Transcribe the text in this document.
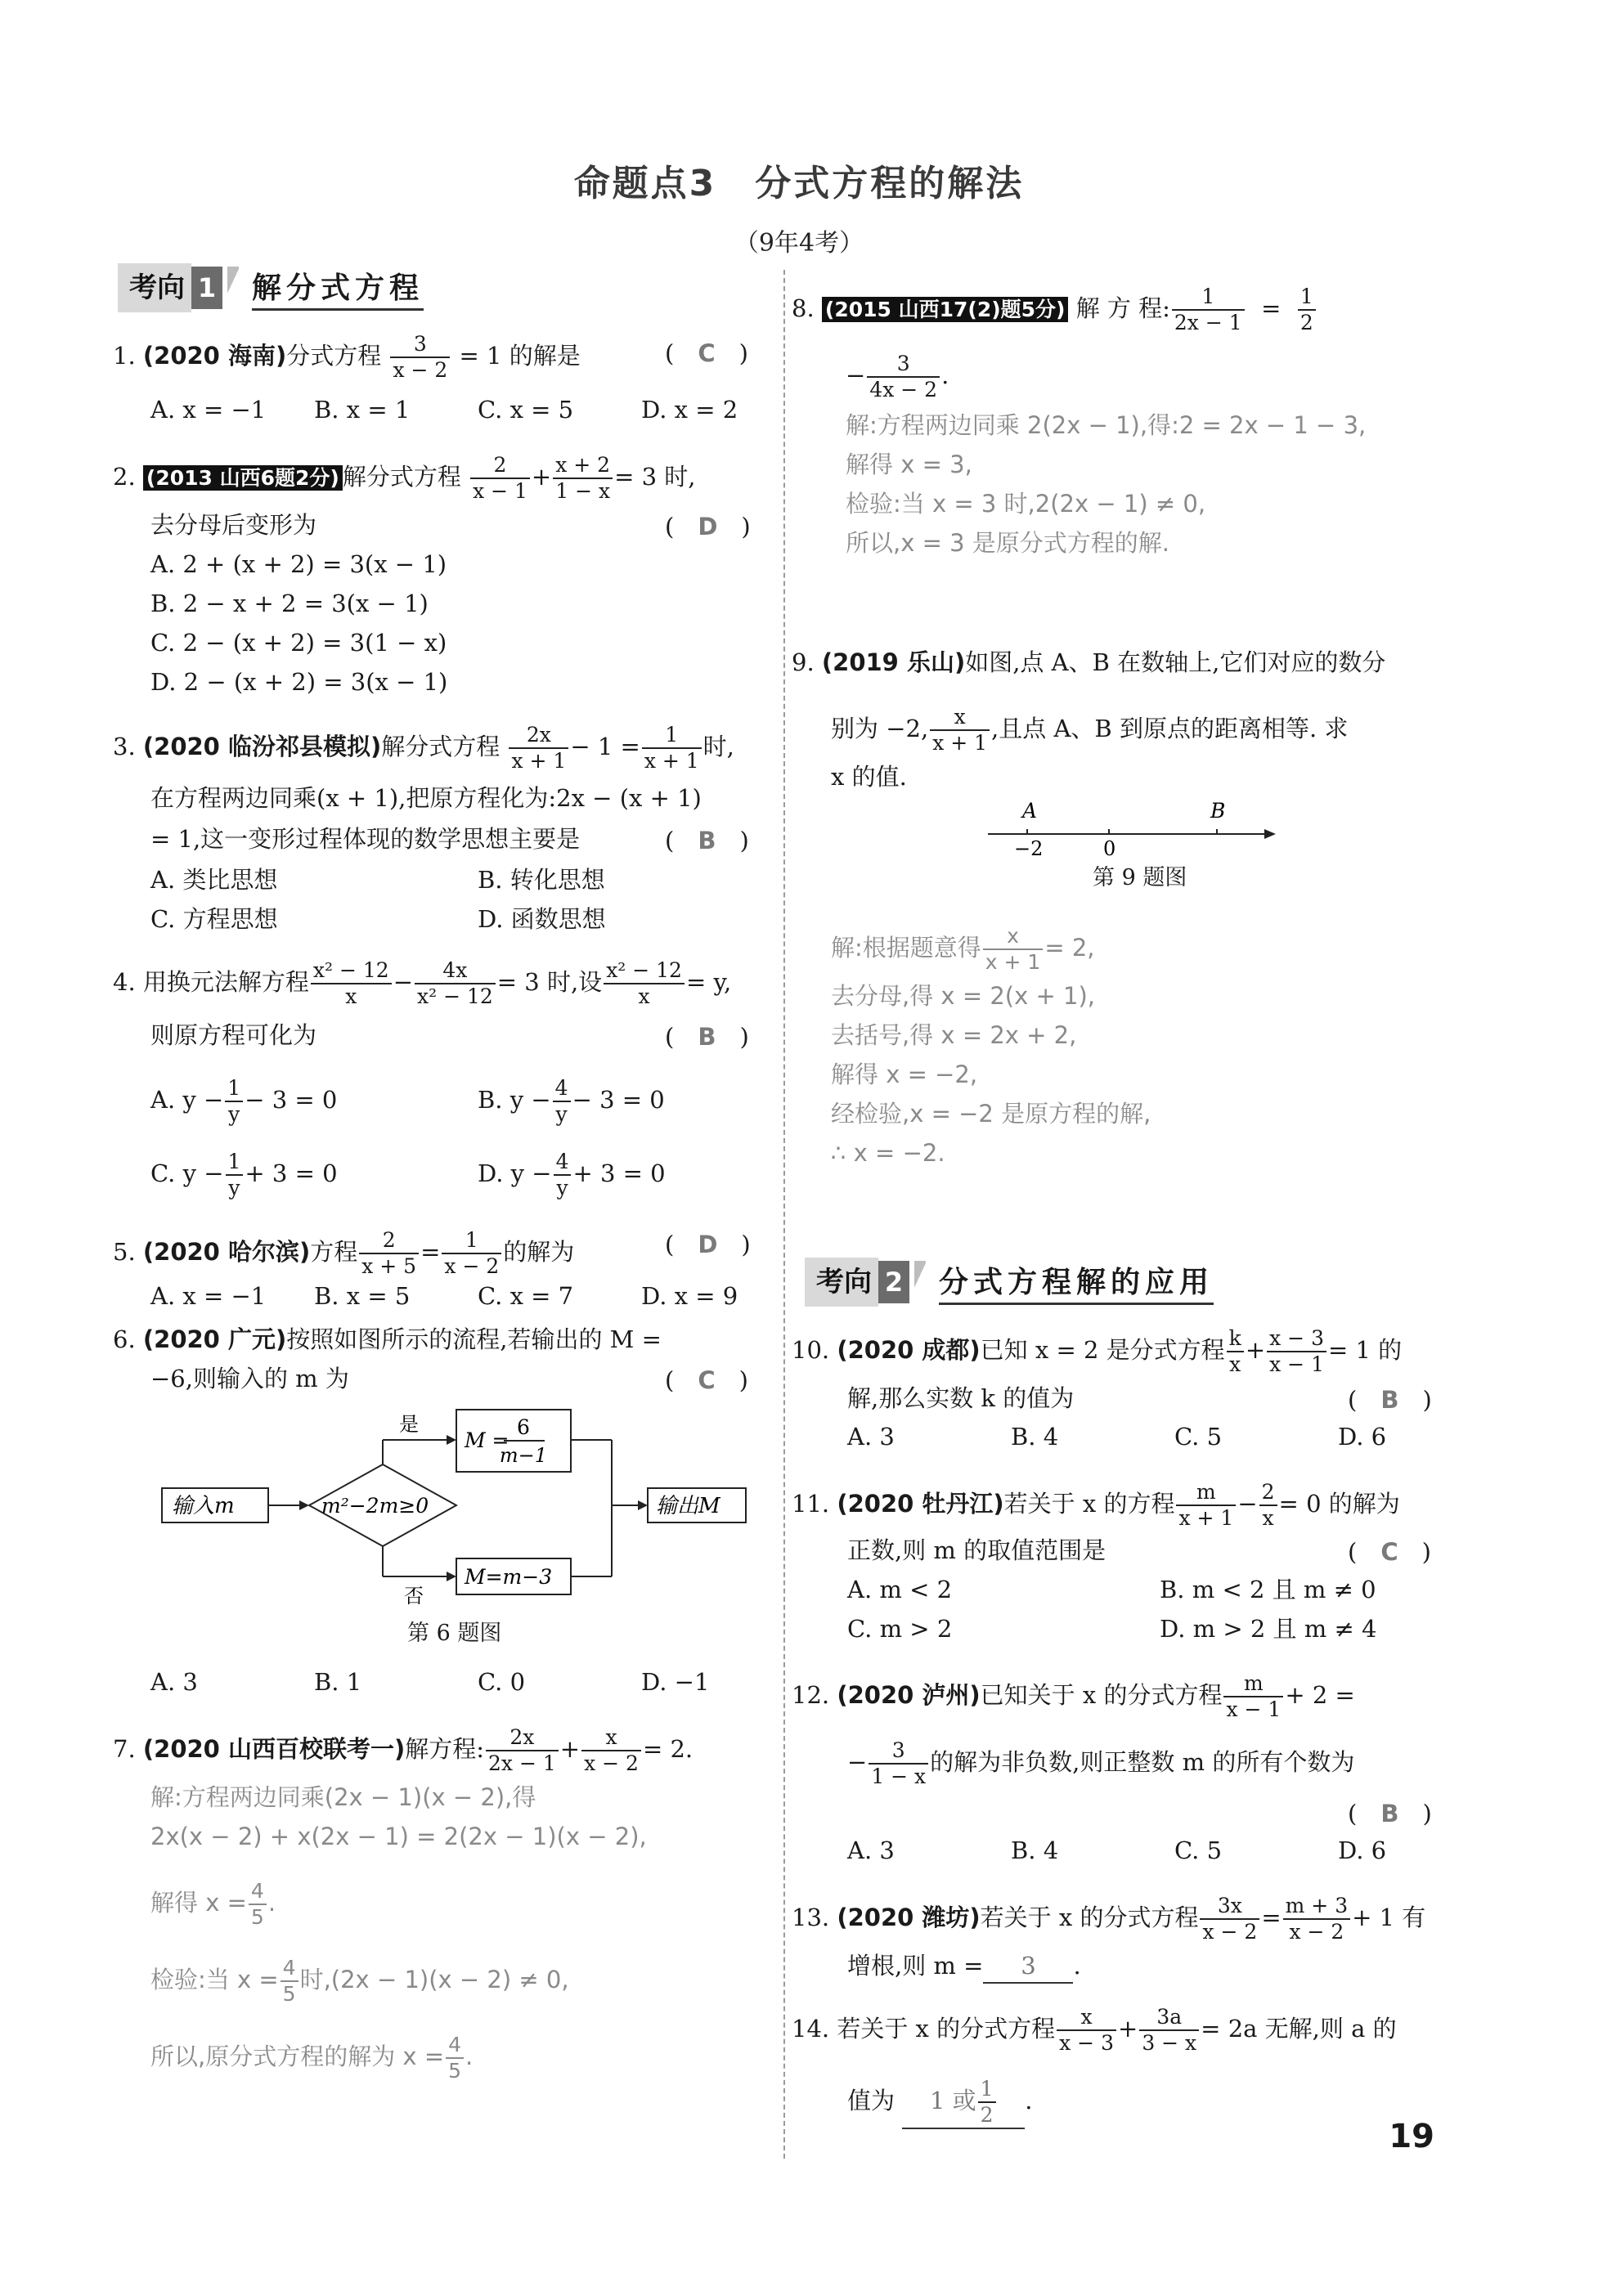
命题点3　分式方程的解法
（9年4考）
考向 1 解分式方程
1. (2020 海南)分式方程 $\frac{3}{x - 2} = 1$ 的解是	(　C　)
A. x = −1 B. x = 1	C. x = 5	D. x = 2
2. (2013 山西6题2分) 解分式方程 $\frac{2}{x - 1} + \frac{x + 2}{1 - x} = 3$ 时,
去分母后变形为	(　D　)
A. 2 + (x + 2) = 3(x − 1)
B. 2 − x + 2 = 3(x − 1)
C. 2 − (x + 2) = 3(1 − x)
D. 2 − (x + 2) = 3(x − 1)
3. (2020 临汾祁县模拟)解分式方程 $\frac{2x}{x + 1} - 1 = \frac{1}{x + 1}$ 时,
在方程两边同乘(x + 1),把原方程化为:2x − (x + 1)
= 1,这一变形过程体现的数学思想主要是	(　B　)
A. 类比思想	B. 转化思想
C. 方程思想	D. 函数思想
4. 用换元法解方程 $\frac{\text{x² − 12}}{x} - \frac{4x}{\text{x² − 12}} = 3$ 时,设 $\frac{\text{x² − 12}}{x} = y$,
则原方程可化为	(　B　)
A. $y - \frac{1}{y} - 3 = 0$	B. $y - \frac{4}{y} - 3 = 0$
C. $y - \frac{1}{y} + 3 = 0$	D. $y - \frac{4}{y} + 3 = 0$
5. (2020 哈尔滨)方程 $\frac{2}{x + 5} = \frac{1}{x - 2}$ 的解为	(　D　)
A. x = −1 B. x = 5	C. x = 7	D. x = 9
6. (2020 广元)按照如图所示的流程,若输出的 M =
−6,则输入的 m 为	(　C　)
输入m	m²−2m≥0
是
M =
6
m−1
否
M=m−3
输出M
第 6 题图
A. 3	B. 1	C. 0	D. −1
7. (2020 山西百校联考一)解方程: $\frac{2x}{2x - 1} + \frac{x}{x - 2} = 2$.
解:方程两边同乘(2x − 1)(x − 2),得
2x(x − 2) + x(2x − 1) = 2(2x − 1)(x − 2),
解得 $x = \frac{4}{5}$ .
检验:当 $x = \frac{4}{5}$ 时,(2x − 1)(x − 2) ≠ 0,
所以,原分式方程的解为 $x = \frac{4}{5}$ .
8. (2015 山西17(2)题5分) 解 方 程: $\frac{1}{2x - 1} = \frac{1}{2}$
− $\frac{3}{4x - 2}$ .
解:方程两边同乘 2(2x − 1),得:2 = 2x − 1 − 3,
解得 x = 3,
检验:当 x = 3 时,2(2x − 1) ≠ 0,
所以,x = 3 是原分式方程的解.
9. (2019 乐山)如图,点 A、B 在数轴上,它们对应的数分
别为 −2, $\frac{x}{x + 1}$ ,且点 A、B 到原点的距离相等. 求
x 的值.
A	B
−2	0
第 9 题图
解:根据题意得 $\frac{x}{x + 1} = 2$,
去分母,得 x = 2(x + 1),
去括号,得 x = 2x + 2,
解得 x = −2,
经检验,x = −2 是原方程的解,
∴ x = −2.
考向 2 分式方程解的应用
10. (2020 成都)已知 x = 2 是分式方程 $\frac{k}{x} + \frac{x - 3}{x - 1} = 1$ 的
解,那么实数 k 的值为	(　B　)
A. 3	B. 4	C. 5	D. 6
11. (2020 牡丹江)若关于 x 的方程 $\frac{m}{x + 1} - \frac{2}{x} = 0$ 的解为
正数,则 m 的取值范围是	(　C　)
A. m < 2	B. m < 2 且 m ≠ 0
C. m > 2	D. m > 2 且 m ≠ 4
12. (2020 泸州)已知关于 x 的分式方程 $\frac{m}{x - 1} + 2$ =
− $\frac{3}{1 - x}$ 的解为非负数,则正整数 m 的所有个数为
(　B　)
A. 3	B. 4	C. 5	D. 6
13. (2020 潍坊)若关于 x 的分式方程 $\frac{3x}{x - 2} = \frac{m + 3}{x - 2} + 1$ 有
增根,则 m = 3 .
14. 若关于 x 的分式方程 $\frac{x}{x - 3} + \frac{3a}{3 - x} = 2a$ 无解,则 a 的
值为 1 或 $\frac{1}{2}$ .
19
